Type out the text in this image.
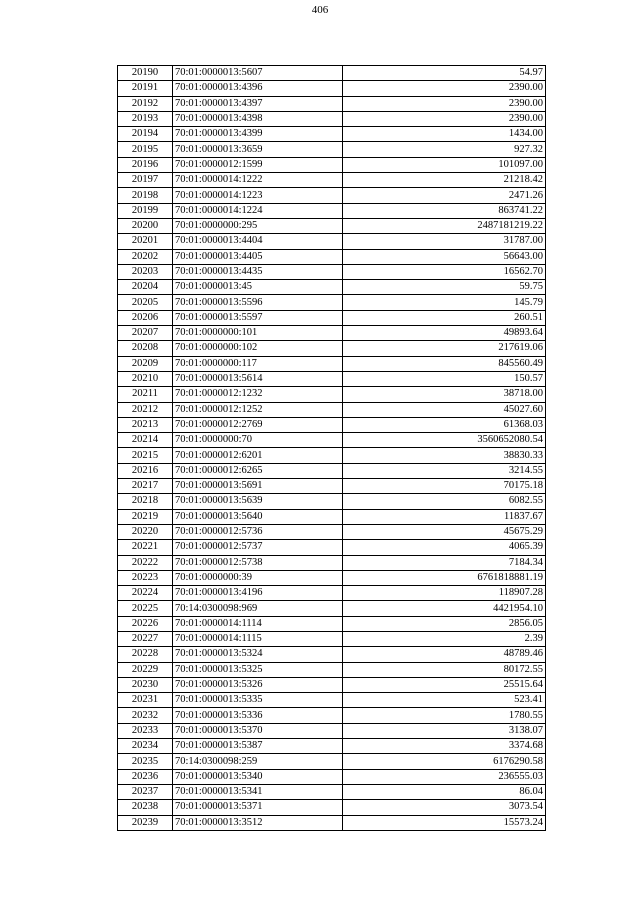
406
20190	70:01:0000013:5607	54.97
20191	70:01:0000013:4396	2390.00
20192	70:01:0000013:4397	2390.00
20193	70:01:0000013:4398	2390.00
20194	70:01:0000013:4399	1434.00
20195	70:01:0000013:3659	927.32
20196	70:01:0000012:1599	101097.00
20197	70:01:0000014:1222	21218.42
20198	70:01:0000014:1223	2471.26
20199	70:01:0000014:1224	863741.22
20200	70:01:0000000:295	2487181219.22
20201	70:01:0000013:4404	31787.00
20202	70:01:0000013:4405	56643.00
20203	70:01:0000013:4435	16562.70
20204	70:01:0000013:45	59.75
20205	70:01:0000013:5596	145.79
20206	70:01:0000013:5597	260.51
20207	70:01:0000000:101	49893.64
20208	70:01:0000000:102	217619.06
20209	70:01:0000000:117	845560.49
20210	70:01:0000013:5614	150.57
20211	70:01:0000012:1232	38718.00
20212	70:01:0000012:1252	45027.60
20213	70:01:0000012:2769	61368.03
20214	70:01:0000000:70	3560652080.54
20215	70:01:0000012:6201	38830.33
20216	70:01:0000012:6265	3214.55
20217	70:01:0000013:5691	70175.18
20218	70:01:0000013:5639	6082.55
20219	70:01:0000013:5640	11837.67
20220	70:01:0000012:5736	45675.29
20221	70:01:0000012:5737	4065.39
20222	70:01:0000012:5738	7184.34
20223	70:01:0000000:39	6761818881.19
20224	70:01:0000013:4196	118907.28
20225	70:14:0300098:969	4421954.10
20226	70:01:0000014:1114	2856.05
20227	70:01:0000014:1115	2.39
20228	70:01:0000013:5324	48789.46
20229	70:01:0000013:5325	80172.55
20230	70:01:0000013:5326	25515.64
20231	70:01:0000013:5335	523.41
20232	70:01:0000013:5336	1780.55
20233	70:01:0000013:5370	3138.07
20234	70:01:0000013:5387	3374.68
20235	70:14:0300098:259	6176290.58
20236	70:01:0000013:5340	236555.03
20237	70:01:0000013:5341	86.04
20238	70:01:0000013:5371	3073.54
20239	70:01:0000013:3512	15573.24
